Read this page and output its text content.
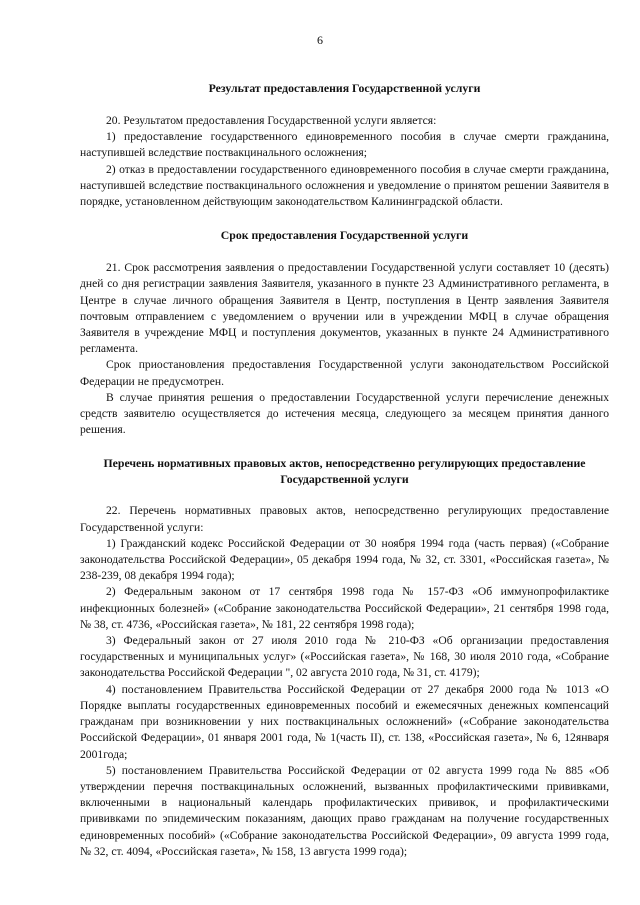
6
Результат предоставления Государственной услуги

20. Результатом предоставления Государственной услуги является:

1) предоставление государственного единовременного пособия в случае смерти гражданина, наступившей вследствие поствакцинального осложнения;

2) отказ в предоставлении государственного единовременного пособия в случае смерти гражданина, наступившей вследствие поствакцинального осложнения и уведомление о принятом решении Заявителя в порядке, установленном действующим законодательством Калининградской области.

Срок предоставления Государственной услуги

21. Срок рассмотрения заявления о предоставлении Государственной услуги составляет 10 (десять) дней со дня регистрации заявления Заявителя, указанного в пункте 23 Административного регламента, в Центре в случае личного обращения Заявителя в Центр, поступления в Центр заявления Заявителя почтовым отправлением с уведомлением о вручении или в учреждении МФЦ в случае обращения Заявителя в учреждение МФЦ и поступления документов, указанных в пункте 24 Административного регламента.

Срок приостановления предоставления Государственной услуги законодательством Российской Федерации не предусмотрен.

В случае принятия решения о предоставлении Государственной услуги перечисление денежных средств заявителю осуществляется до истечения месяца, следующего за месяцем принятия данного решения.

Перечень нормативных правовых актов, непосредственно регулирующих предоставление Государственной услуги

22. Перечень нормативных правовых актов, непосредственно регулирующих предоставление Государственной услуги:

1) Гражданский кодекс Российской Федерации от 30 ноября 1994 года (часть первая) («Собрание законодательства Российской Федерации», 05 декабря 1994 года, № 32, ст. 3301, «Российская газета», № 238-239, 08 декабря 1994 года);

2) Федеральным законом от 17 сентября 1998 года № 157-ФЗ «Об иммунопрофилактике инфекционных болезней» («Собрание законодательства Российской Федерации», 21 сентября 1998 года, № 38, ст. 4736, «Российская газета», № 181, 22 сентября 1998 года);

3) Федеральный закон от 27 июля 2010 года № 210-ФЗ «Об организации предоставления государственных и муниципальных услуг» («Российская газета», № 168, 30 июля 2010 года, «Собрание законодательства Российской Федерации ", 02 августа 2010 года, № 31, ст. 4179);

4) постановлением Правительства Российской Федерации от 27 декабря 2000 года № 1013 «О Порядке выплаты государственных единовременных пособий и ежемесячных денежных компенсаций гражданам при возникновении у них поствакцинальных осложнений» («Собрание законодательства Российской Федерации», 01 января 2001 года, № 1(часть II), ст. 138, «Российская газета», № 6, 12января 2001года;

5) постановлением Правительства Российской Федерации от 02 августа 1999 года № 885 «Об утверждении перечня поствакцинальных осложнений, вызванных профилактическими прививками, включенными в национальный календарь профилактических прививок, и профилактическими прививками по эпидемическим показаниям, дающих право гражданам на получение государственных единовременных пособий» («Собрание законодательства Российской Федерации», 09 августа 1999 года, № 32, ст. 4094, «Российская газета», № 158, 13 августа 1999 года);
